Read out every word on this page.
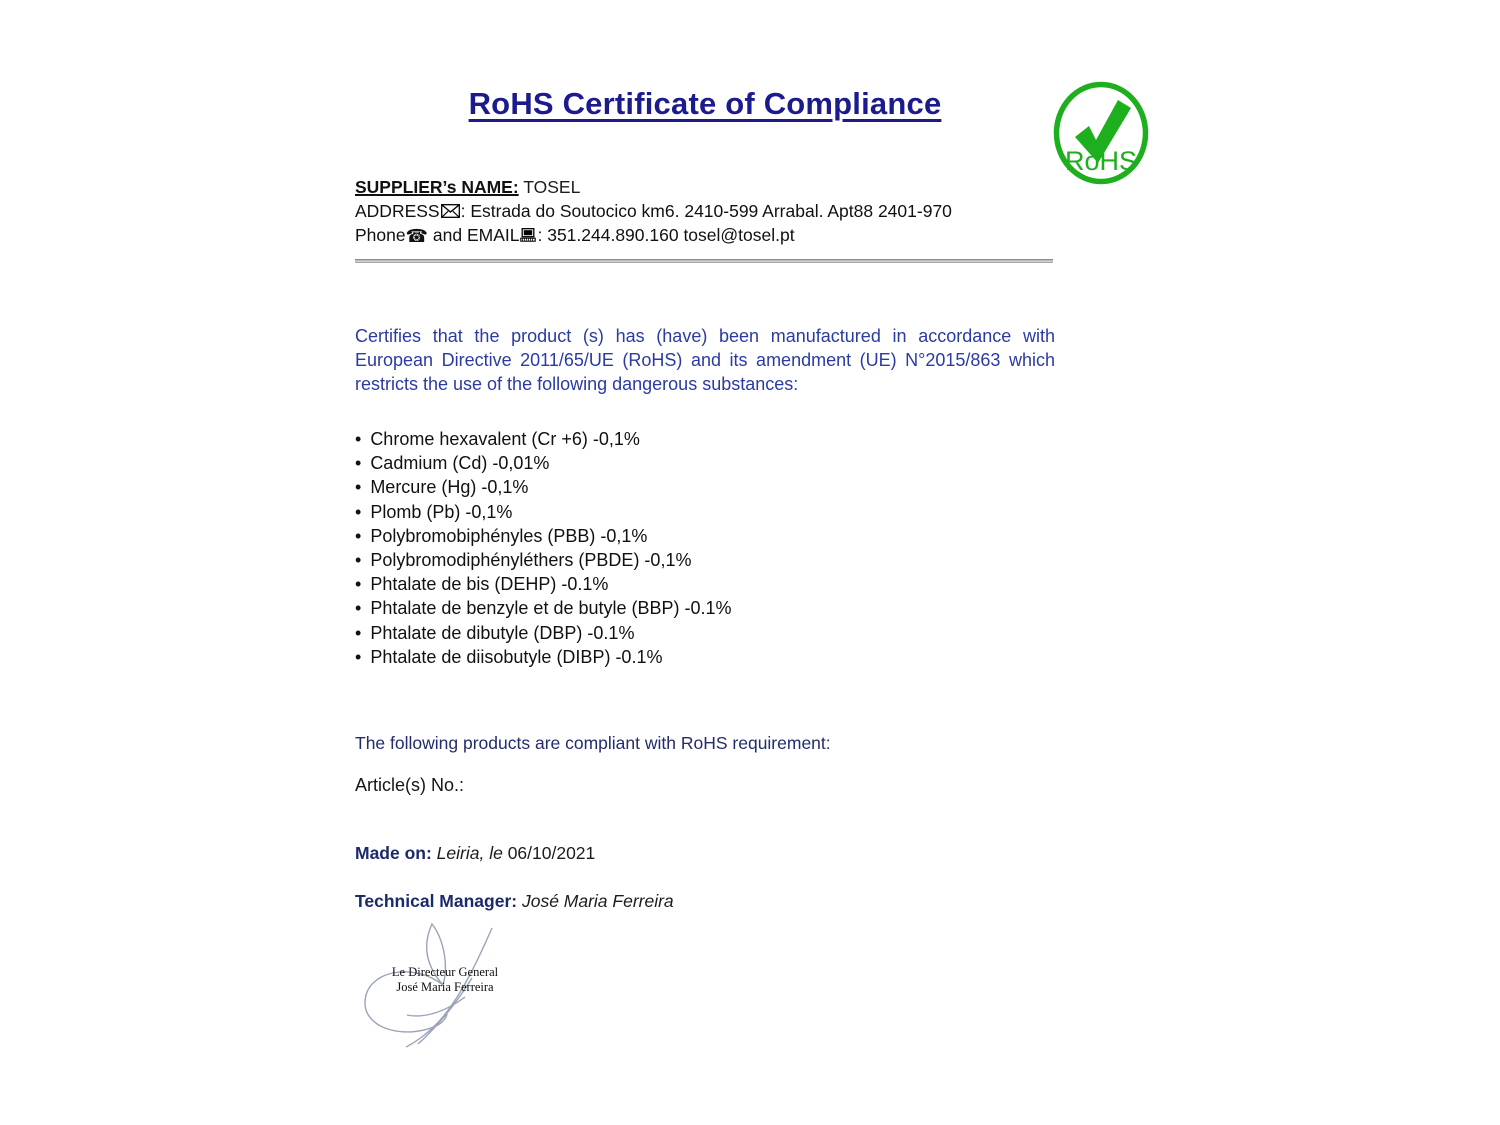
RoHS Certificate of Compliance
RoHS
SUPPLIER’s NAME: TOSEL
ADDRESS : Estrada do Soutocico km6. 2410-599 Arrabal. Apt88 2401-970
Phone☎ and EMAIL : 351.244.890.160 tosel@tosel.pt

Certifies that the product (s) has (have) been manufactured in accordance with European Directive 2011/65/UE (RoHS) and its amendment (UE) N°2015/863 which restricts the use of the following dangerous substances:

• Chrome hexavalent (Cr +6) -0,1%
• Cadmium (Cd) -0,01%
• Mercure (Hg) -0,1%
• Plomb (Pb) -0,1%
• Polybromobiphényles (PBB) -0,1%
• Polybromodiphényléthers (PBDE) -0,1%
• Phtalate de bis (DEHP) -0.1%
• Phtalate de benzyle et de butyle (BBP) -0.1%
• Phtalate de dibutyle (DBP) -0.1%
• Phtalate de diisobutyle (DIBP) -0.1%
The following products are compliant with RoHS requirement:
Article(s) No.:
Made on: Leiria, le 06/10/2021
Technical Manager: José Maria Ferreira
Le Directeur General
José Maria Ferreira
